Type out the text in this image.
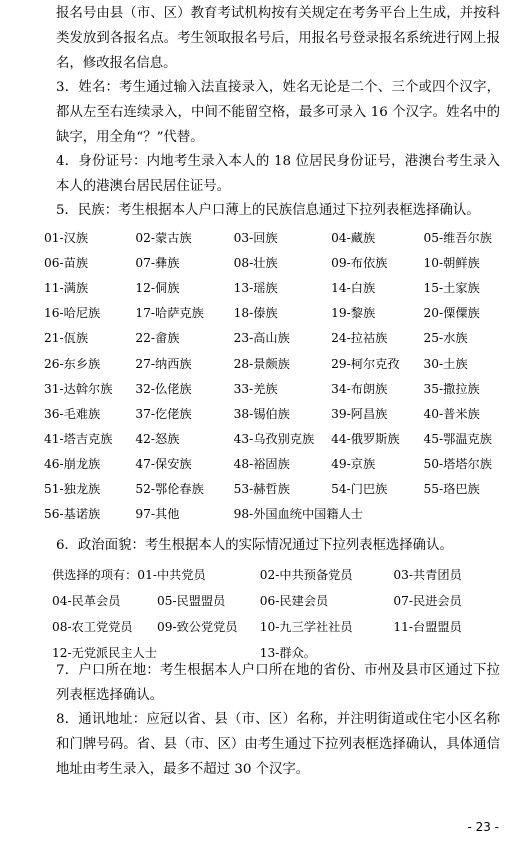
报名号由县（市、区）教育考试机构按有关规定在考务平台上生成，并按科类发放到各报名点。考生领取报名号后，用报名号登录报名系统进行网上报名，修改报名信息。
3．姓名：考生通过输入法直接录入，姓名无论是二个、三个或四个汉字，都从左至右连续录入，中间不能留空格，最多可录入 16 个汉字。姓名中的缺字，用全角“？”代替。
4．身份证号：内地考生录入本人的 18 位居民身份证号，港澳台考生录入本人的港澳台居民居住证号。
5．民族：考生根据本人户口薄上的民族信息通过下拉列表框选择确认。
01-汉族	02-蒙古族	03-回族	04-藏族	05-维吾尔族
06-苗族	07-彝族	08-壮族	09-布依族	10-朝鲜族
11-满族	12-侗族	13-瑶族	14-白族	15-土家族
16-哈尼族	17-哈萨克族	18-傣族	19-黎族	20-傈僳族
21-佤族	22-畲族	23-高山族	24-拉祜族	25-水族
26-东乡族	27-纳西族	28-景颇族	29-柯尔克孜	30-土族
31-达斡尔族	32-仫佬族	33-羌族	34-布朗族	35-撒拉族
36-毛难族	37-仡佬族	38-锡伯族	39-阿昌族	40-普米族
41-塔吉克族	42-怒族	43-乌孜别克族	44-俄罗斯族	45-鄂温克族
46-崩龙族	47-保安族	48-裕固族	49-京族	50-塔塔尔族
51-独龙族	52-鄂伦春族	53-赫哲族	54-门巴族	55-珞巴族
56-基诺族	97-其他	98-外国血统中国籍人士		
6．政治面貌：考生根据本人的实际情况通过下拉列表框选择确认。
供选择的项有：01-中共党员		02-中共预备党员	03-共青团员
04-民革会员	05-民盟盟员	06-民建会员	07-民进会员
08-农工党党员	09-致公党党员	10-九三学社社员	11-台盟盟员
12-无党派民主人士		13-群众。	
7．户口所在地：考生根据本人户口所在地的省份、市州及县市区通过下拉列表框选择确认。
8．通讯地址：应冠以省、县（市、区）名称，并注明街道或住宅小区名称和门牌号码。省、县（市、区）由考生通过下拉列表框选择确认，具体通信地址由考生录入，最多不超过 30 个汉字。
- 23 -
